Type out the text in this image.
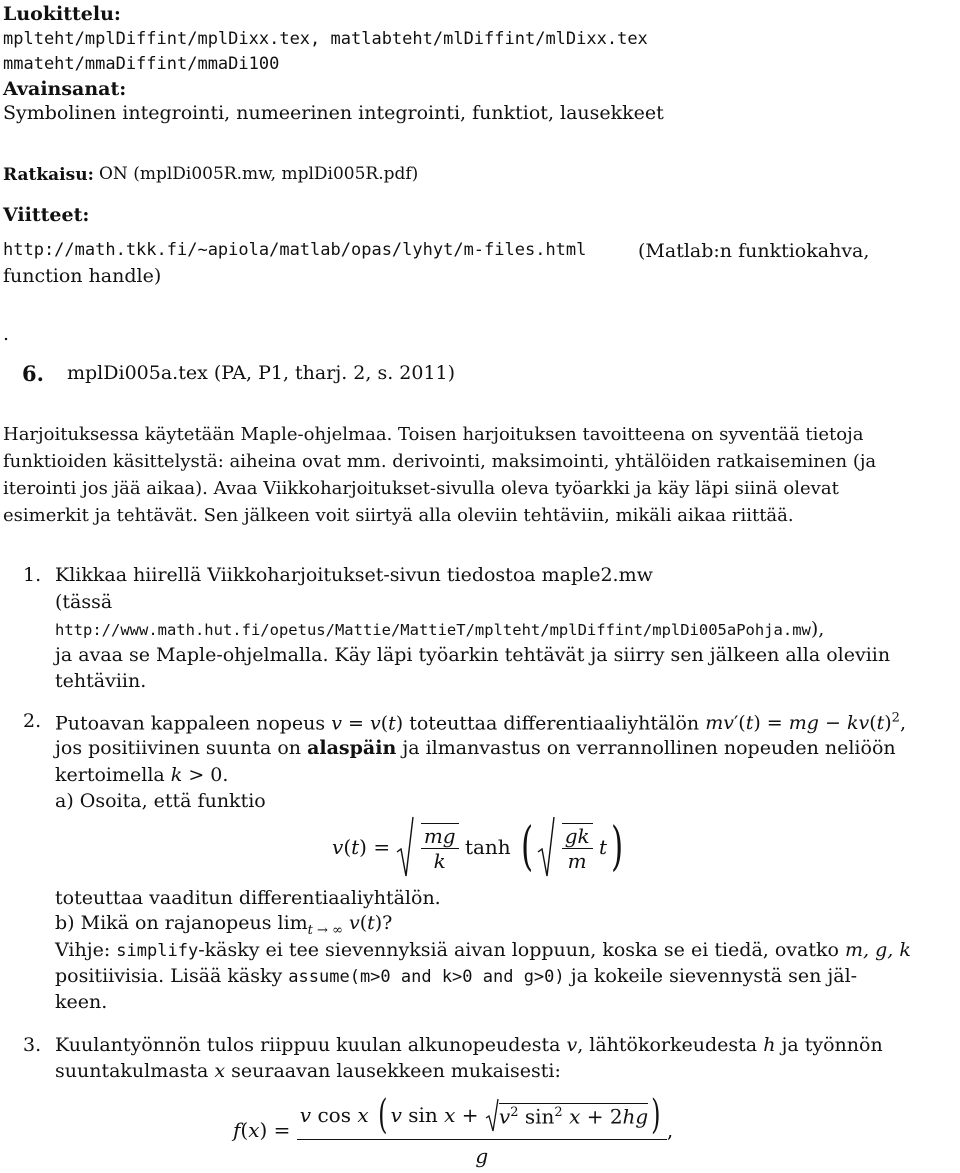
Luokittelu:
mplteht/mplDiffint/mplDixx.tex, matlabteht/mlDiffint/mlDixx.tex
mmateht/mmaDiffint/mmaDi100
Avainsanat:
Symbolinen integrointi, numeerinen integrointi, funktiot, lausekkeet
Ratkaisu: ON (mplDi005R.mw, mplDi005R.pdf)
Viitteet:
http://math.tkk.fi/~apiola/matlab/opas/lyhyt/m-files.html	(Matlab:n funktiokahva,
function handle)
.
6. mplDi005a.tex (PA, P1, tharj. 2, s. 2011)
Harjoituksessa käytetään Maple-ohjelmaa. Toisen harjoituksen tavoitteena on syventää tietoja
funktioiden käsittelystä: aiheina ovat mm. derivointi, maksimointi, yhtälöiden ratkaiseminen (ja
iterointi jos jää aikaa). Avaa Viikkoharjoitukset-sivulla oleva työarkki ja käy läpi siinä olevat
esimerkit ja tehtävät. Sen jälkeen voit siirtyä alla oleviin tehtäviin, mikäli aikaa riittää.
1. Klikkaa hiirellä Viikkoharjoitukset-sivun tiedostoa maple2.mw
(tässä
http://www.math.hut.fi/opetus/Mattie/MattieT/mplteht/mplDiffint/mplDi005aPohja.mw),
ja avaa se Maple-ohjelmalla. Käy läpi työarkin tehtävät ja siirry sen jälkeen alla oleviin
tehtäviin.
2. Putoavan kappaleen nopeus v = v(t) toteuttaa differentiaaliyhtälön mv′(t) = mg − $kv(t)^2$,
jos positiivinen suunta on alaspäin ja ilmanvastus on verrannollinen nopeuden neliöön
kertoimella k > 0.
a) Osoita, että funktio
v(t) =
$\frac{mg}{k}$ tanh (
$\frac{gk}{m}$ t )
toteuttaa vaaditun differentiaaliyhtälön.
b) Mikä on rajanopeus $\lim_{t \to \infty} v(t)$?
Vihje: simplify-käsky ei tee sievennyksiä aivan loppuun, koska se ei tiedä, ovatko m, g, k
positiivisia. Lisää käsky assume(m>0 and k>0 and g>0) ja kokeile sievennystä sen jäl-
keen.
3. Kuulantyönnön tulos riippuu kuulan alkunopeudesta v, lähtökorkeudesta h ja työnnön
suuntakulmasta x seuraavan lausekkeen mukaisesti:
f(x) =
v cos x ( v $\sin x + v^2$ $\sin^2 x + 2hg$ )
g
,
